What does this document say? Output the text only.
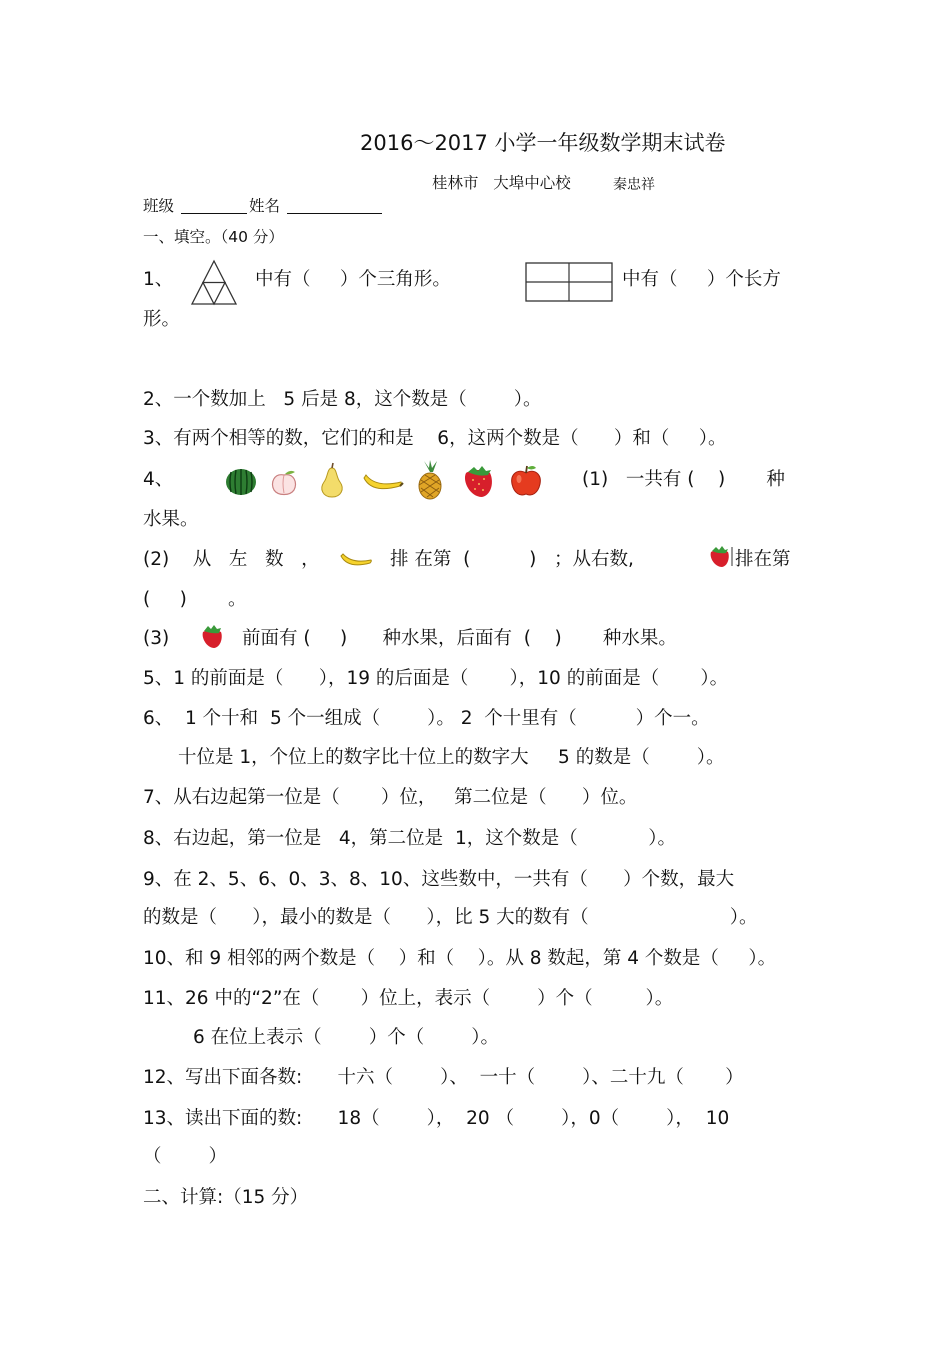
2016～2017 小学一年级数学期末试卷
桂林市   大埠中心校	秦忠祥
班级	姓名
一、填空。（40 分）
1、	中有（     ）个三角形。	中有（     ）个长方
形。
2、一个数加上   5 后是 8，这个数是（        ）。
3、有两个相等的数，它们的和是    6，这两个数是（      ）和（     ）。
4、	(1)   一共有 (    )       种
水果。
(2)    从   左   数   ，	排 在第  (          )   ；从右数,	排在第
(     )       。
(3)	前面有 (     )      种水果，后面有  (    )       种水果。
5、1 的前面是（      ），19 的后面是（       ），10 的前面是（       ）。
6、  1 个十和  5 个一组成（        ）。 2  个十里有（          ）个一。
十位是 1，个位上的数字比十位上的数字大     5 的数是（        ）。
7、从右边起第一位是（       ）位，   第二位是（      ）位。
8、右边起，第一位是   4，第二位是  1，这个数是（            ）。
9、在 2、5、6、0、3、8、10、这些数中，一共有（      ）个数，最大
的数是（      ），最小的数是（      ），比 5 大的数有（                        ）。
10、和 9 相邻的两个数是（    ）和（    ）。从 8 数起，第 4 个数是（     ）。
11、26 中的“2”在（       ）位上，表示（        ）个（         ）。
6 在位上表示（        ）个（        ）。
12、写出下面各数:      十六（        ）、  一十（        ）、二十九（       ）
13、读出下面的数:      18（        ），  20 （        ），0（        ），  10
（        ）
二、计算:（15 分）
